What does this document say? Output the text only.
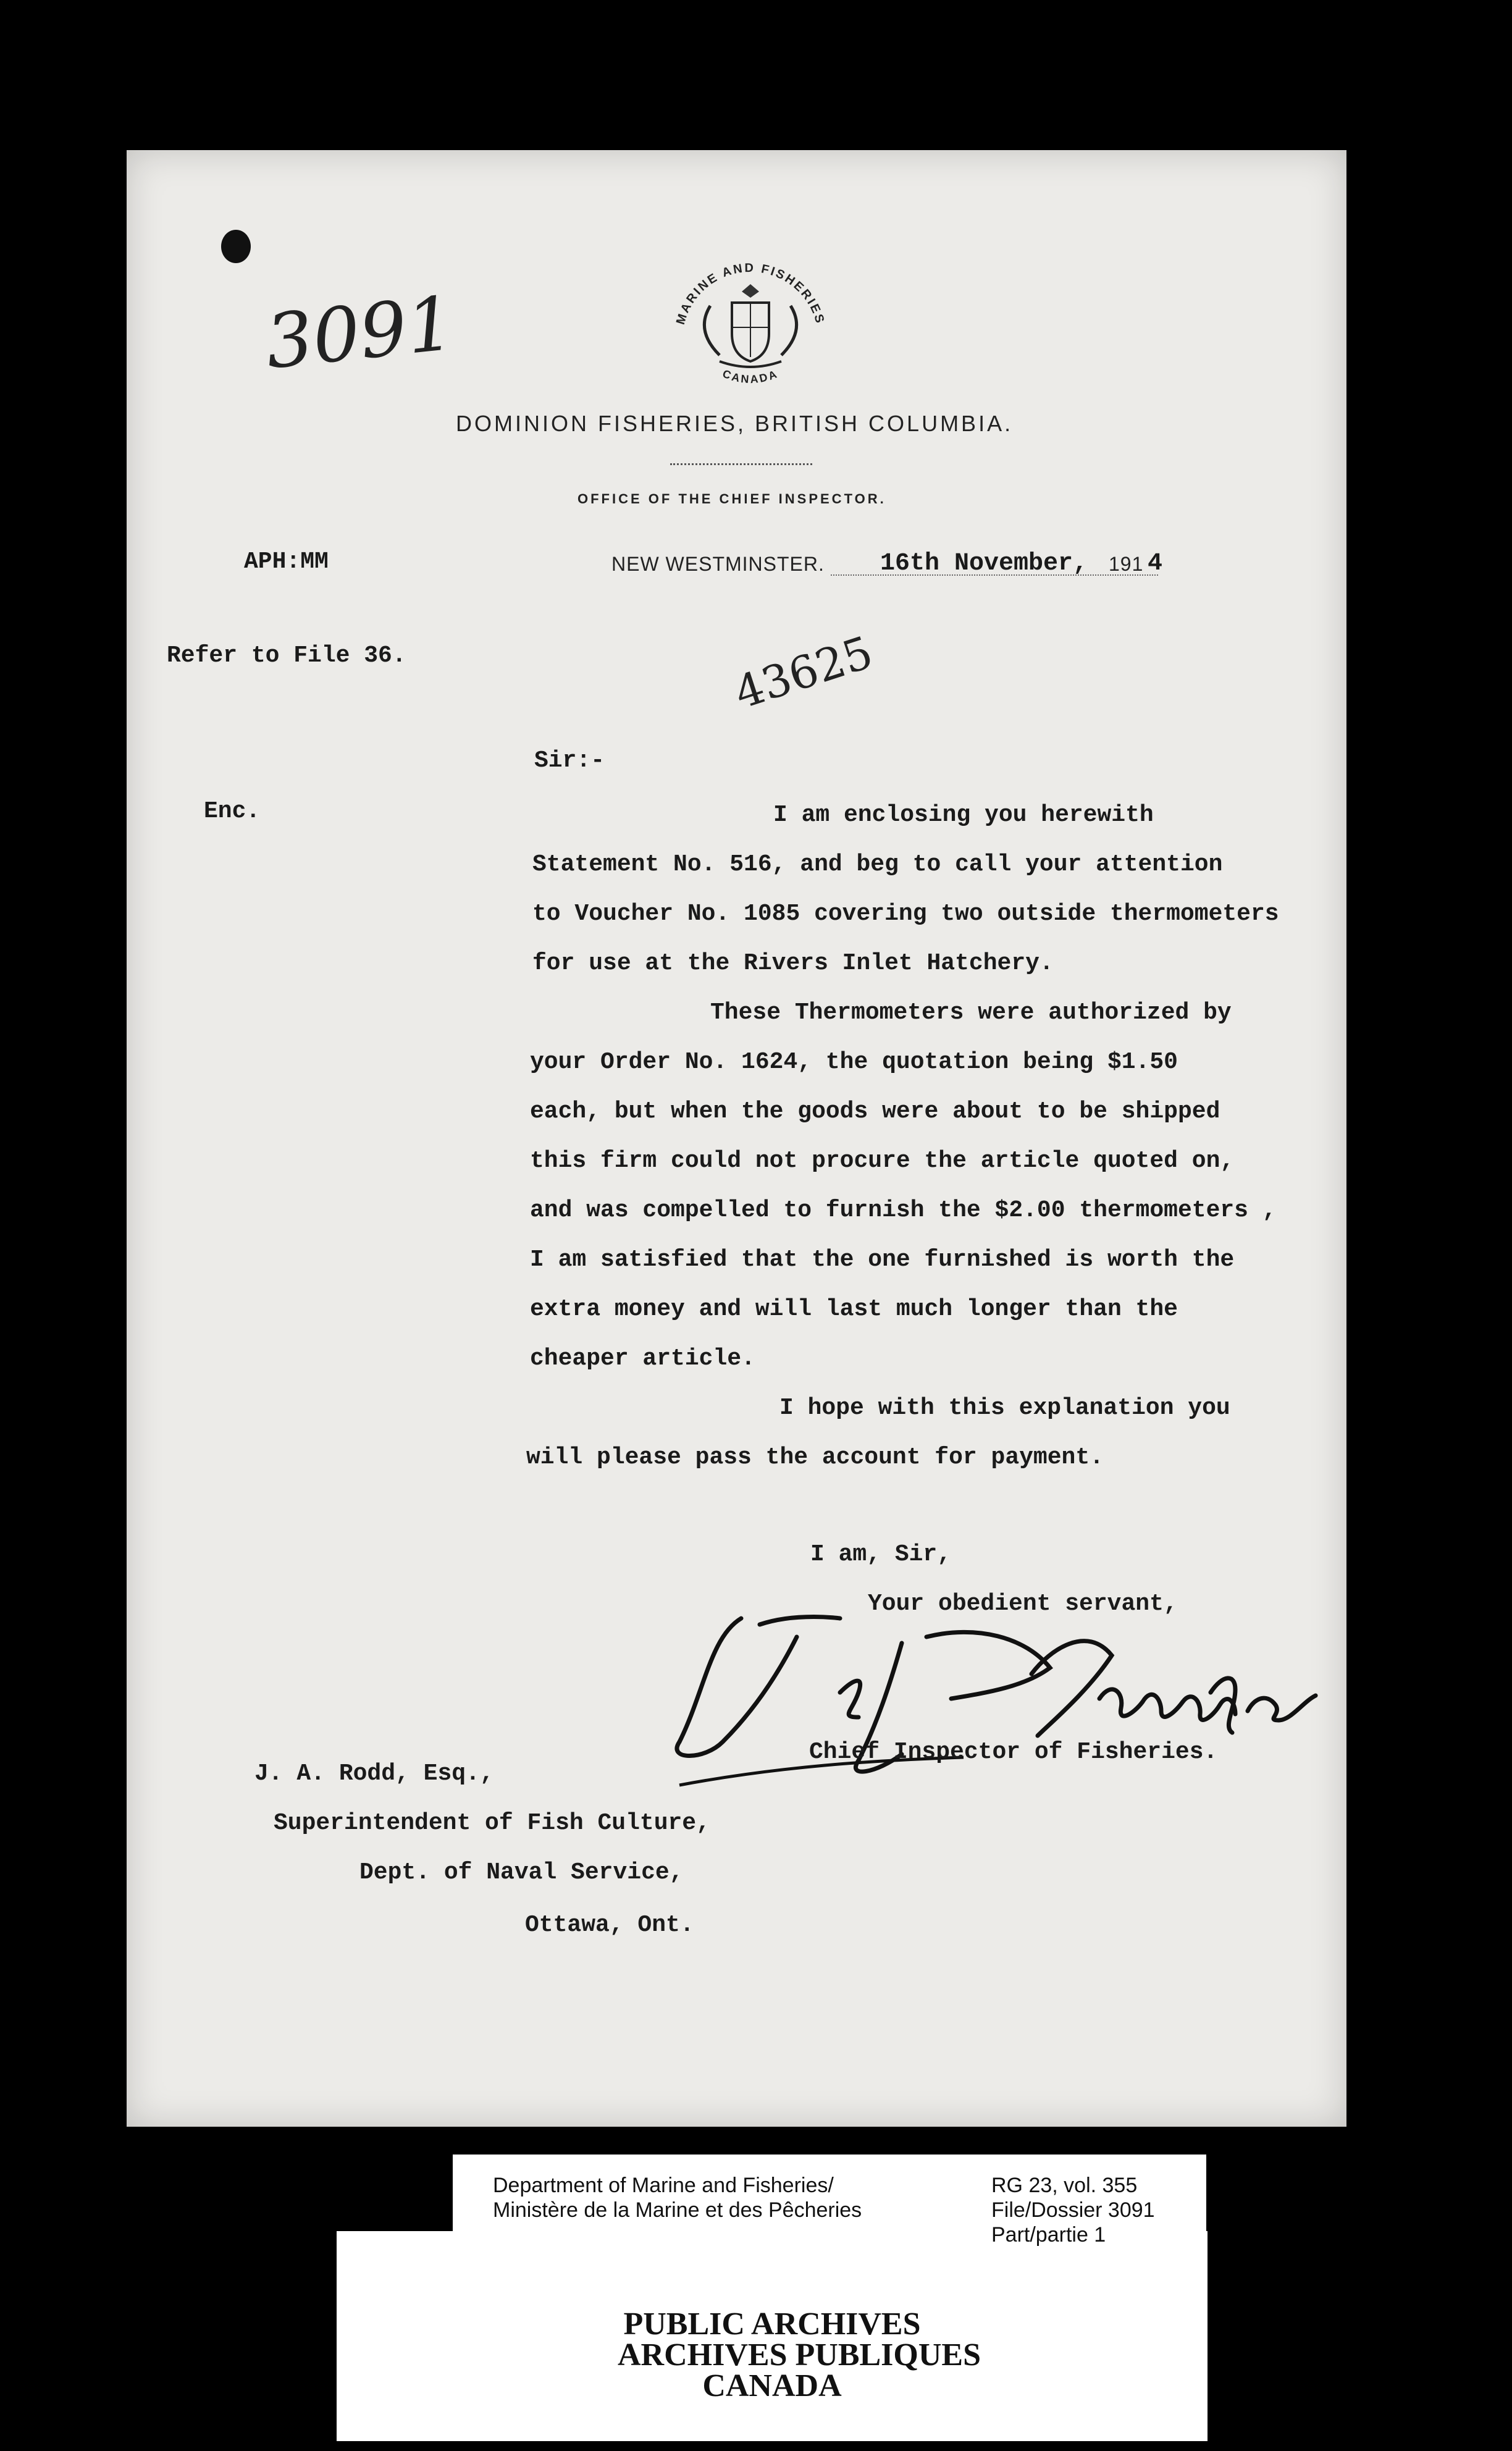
3091	MARINE AND FISHERIES
CANADA
DOMINION FISHERIES, BRITISH COLUMBIA.
OFFICE OF THE CHIEF INSPECTOR.
APH:MM	NEW WESTMINSTER. 16th November, 191 4
Refer to File 36.	43625
Sir:-
Enc.	I am enclosing you herewith
Statement No. 516, and beg to call your attention
to Voucher No. 1085 covering two outside thermometers
for use at the Rivers Inlet Hatchery.
These Thermometers were authorized by
your Order No. 1624, the quotation being $1.50
each, but when the goods were about to be shipped
this firm could not procure the article quoted on,
and was compelled to furnish the $2.00 thermometers ,
I am satisfied that the one furnished is worth the
extra money and will last much longer than the
cheaper article.
I hope with this explanation you
will please pass the account for payment.
I am, Sir,
Your obedient servant,
Chief Inspector of Fisheries.
J. A. Rodd, Esq.,
Superintendent of Fish Culture,
Dept. of Naval Service,
Ottawa, Ont.
Department of Marine and Fisheries/
Ministère de la Marine et des Pêcheries
RG 23, vol. 355
File/Dossier 3091
Part/partie 1
PUBLIC ARCHIVES
ARCHIVES PUBLIQUES
CANADA
